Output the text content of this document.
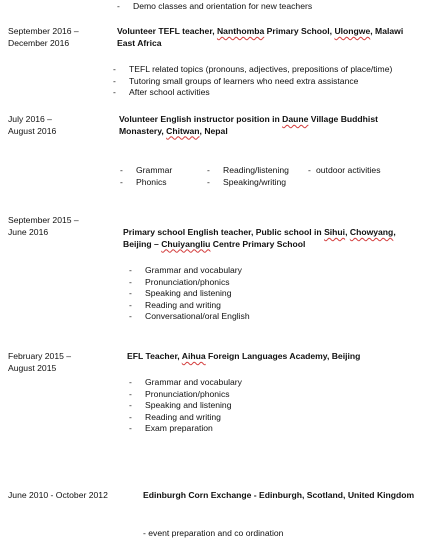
- Demo classes and orientation for new teachers
September 2016 –
December 2016
Volunteer TEFL teacher, Nanthomba Primary School, Ulongwe, Malawi East Africa
- TEFL related topics (pronouns, adjectives, prepositions of place/time)
- Tutoring small groups of learners who need extra assistance
- After school activities
July 2016 –
August 2016
Volunteer English instructor position in Daune Village Buddhist Monastery, Chitwan, Nepal
- Grammar
- Phonics
- Reading/listening
- Speaking/writing
- outdoor activities
September 2015 –
June 2016	Primary school English teacher, Public school in Sihui, Chowyang, Beijing – Chuiyangliu Centre Primary School
- Grammar and vocabulary
- Pronunciation/phonics
- Speaking and listening
- Reading and writing
- Conversational/oral English
February 2015 –
August 2015
EFL Teacher, Aihua Foreign Languages Academy, Beijing
- Grammar and vocabulary
- Pronunciation/phonics
- Speaking and listening
- Reading and writing
- Exam preparation
June 2010 - October 2012	Edinburgh Corn Exchange - Edinburgh, Scotland, United Kingdom
- event preparation and co ordination
